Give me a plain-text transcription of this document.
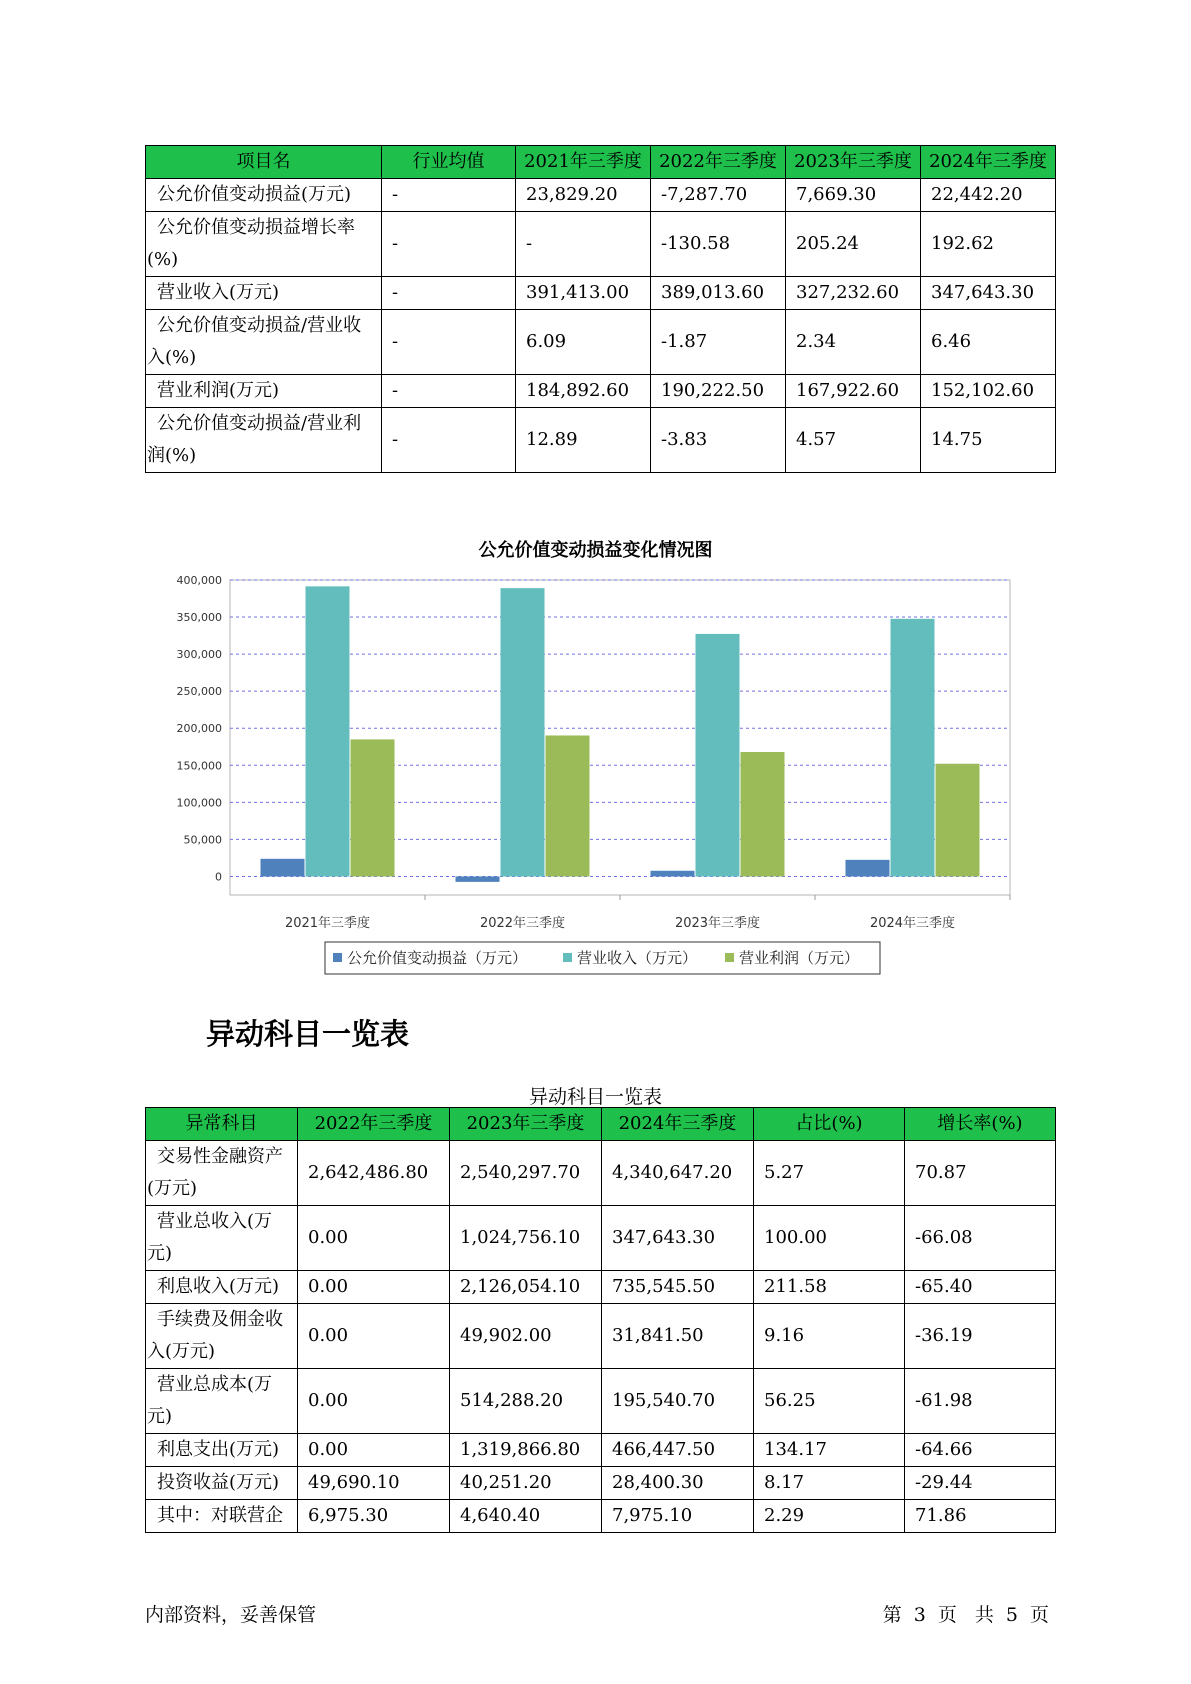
项目名	行业均值	2021年三季度	2022年三季度	2023年三季度	2024年三季度
公允价值变动损益(万元)	-	23,829.20	-7,287.70	7,669.30	22,442.20
公允价值变动损益增长率(%)	-	-	-130.58	205.24	192.62
营业收入(万元)	-	391,413.00	389,013.60	327,232.60	347,643.30
公允价值变动损益/营业收入(%)	-	6.09	-1.87	2.34	6.46
营业利润(万元)	-	184,892.60	190,222.50	167,922.60	152,102.60
公允价值变动损益/营业利润(%)	-	12.89	-3.83	4.57	14.75
公允价值变动损益变化情况图
0
50,000
100,000
150,000
200,000
250,000
300,000
350,000
400,000
2021年三季度	2022年三季度	2023年三季度	2024年三季度
公允价值变动损益（万元）	营业收入（万元）	营业利润（万元）
异动科目一览表
异动科目一览表
异常科目	2022年三季度	2023年三季度	2024年三季度	占比(%)	增长率(%)
交易性金融资产(万元)	2,642,486.80	2,540,297.70	4,340,647.20	5.27	70.87
营业总收入(万元)	0.00	1,024,756.10	347,643.30	100.00	-66.08
利息收入(万元)	0.00	2,126,054.10	735,545.50	211.58	-65.40
手续费及佣金收入(万元)	0.00	49,902.00	31,841.50	9.16	-36.19
营业总成本(万元)	0.00	514,288.20	195,540.70	56.25	-61.98
利息支出(万元)	0.00	1,319,866.80	466,447.50	134.17	-64.66
投资收益(万元)	49,690.10	40,251.20	28,400.30	8.17	-29.44
其中：对联营企	6,975.30	4,640.40	7,975.10	2.29	71.86
内部资料，妥善保管	第 3 页 共 5 页
